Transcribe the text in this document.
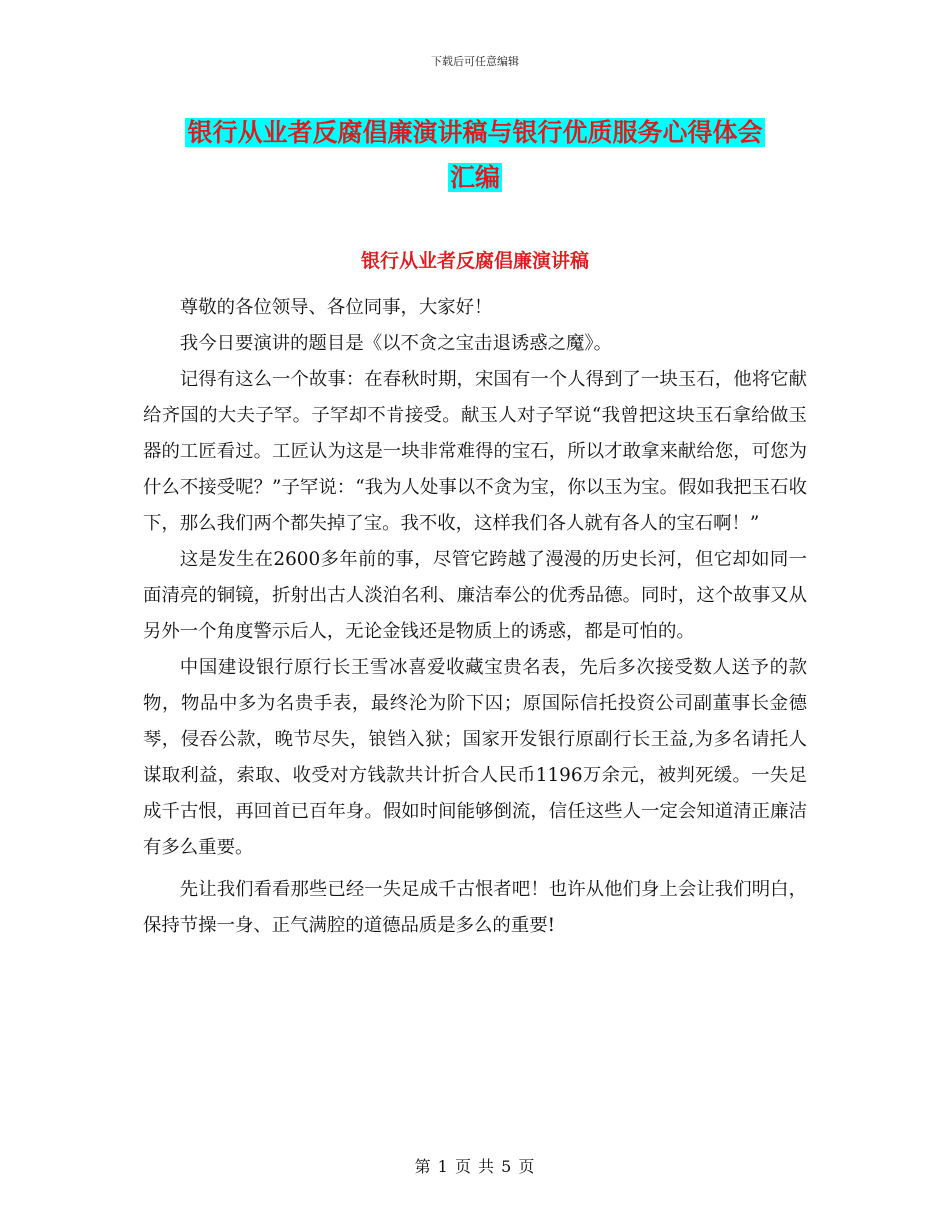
下载后可任意编辑
银行从业者反腐倡廉演讲稿与银行优质服务心得体会
汇编
银行从业者反腐倡廉演讲稿

尊敬的各位领导、各位同事，大家好！

我今日要演讲的题目是《以不贪之宝击退诱惑之魔》。

记得有这么一个故事：在春秋时期，宋国有一个人得到了一块玉石，他将它献给齐国的大夫子罕。子罕却不肯接受。献玉人对子罕说“我曾把这块玉石拿给做玉器的工匠看过。工匠认为这是一块非常难得的宝石，所以才敢拿来献给您，可您为什么不接受呢？”子罕说：“我为人处事以不贪为宝，你以玉为宝。假如我把玉石收下，那么我们两个都失掉了宝。我不收，这样我们各人就有各人的宝石啊！”

这是发生在2600多年前的事，尽管它跨越了漫漫的历史长河，但它却如同一面清亮的铜镜，折射出古人淡泊名利、廉洁奉公的优秀品德。同时，这个故事又从另外一个角度警示后人，无论金钱还是物质上的诱惑，都是可怕的。

中国建设银行原行长王雪冰喜爱收藏宝贵名表，先后多次接受数人送予的款物，物品中多为名贵手表，最终沦为阶下囚；原国际信托投资公司副董事长金德琴，侵吞公款，晚节尽失，锒铛入狱；国家开发银行原副行长王益,为多名请托人谋取利益，索取、收受对方钱款共计折合人民币1196万余元，被判死缓。一失足成千古恨，再回首已百年身。假如时间能够倒流，信任这些人一定会知道清正廉洁有多么重要。

先让我们看看那些已经一失足成千古恨者吧！也许从他们身上会让我们明白，保持节操一身、正气满腔的道德品质是多么的重要!

第 1 页 共 5 页
